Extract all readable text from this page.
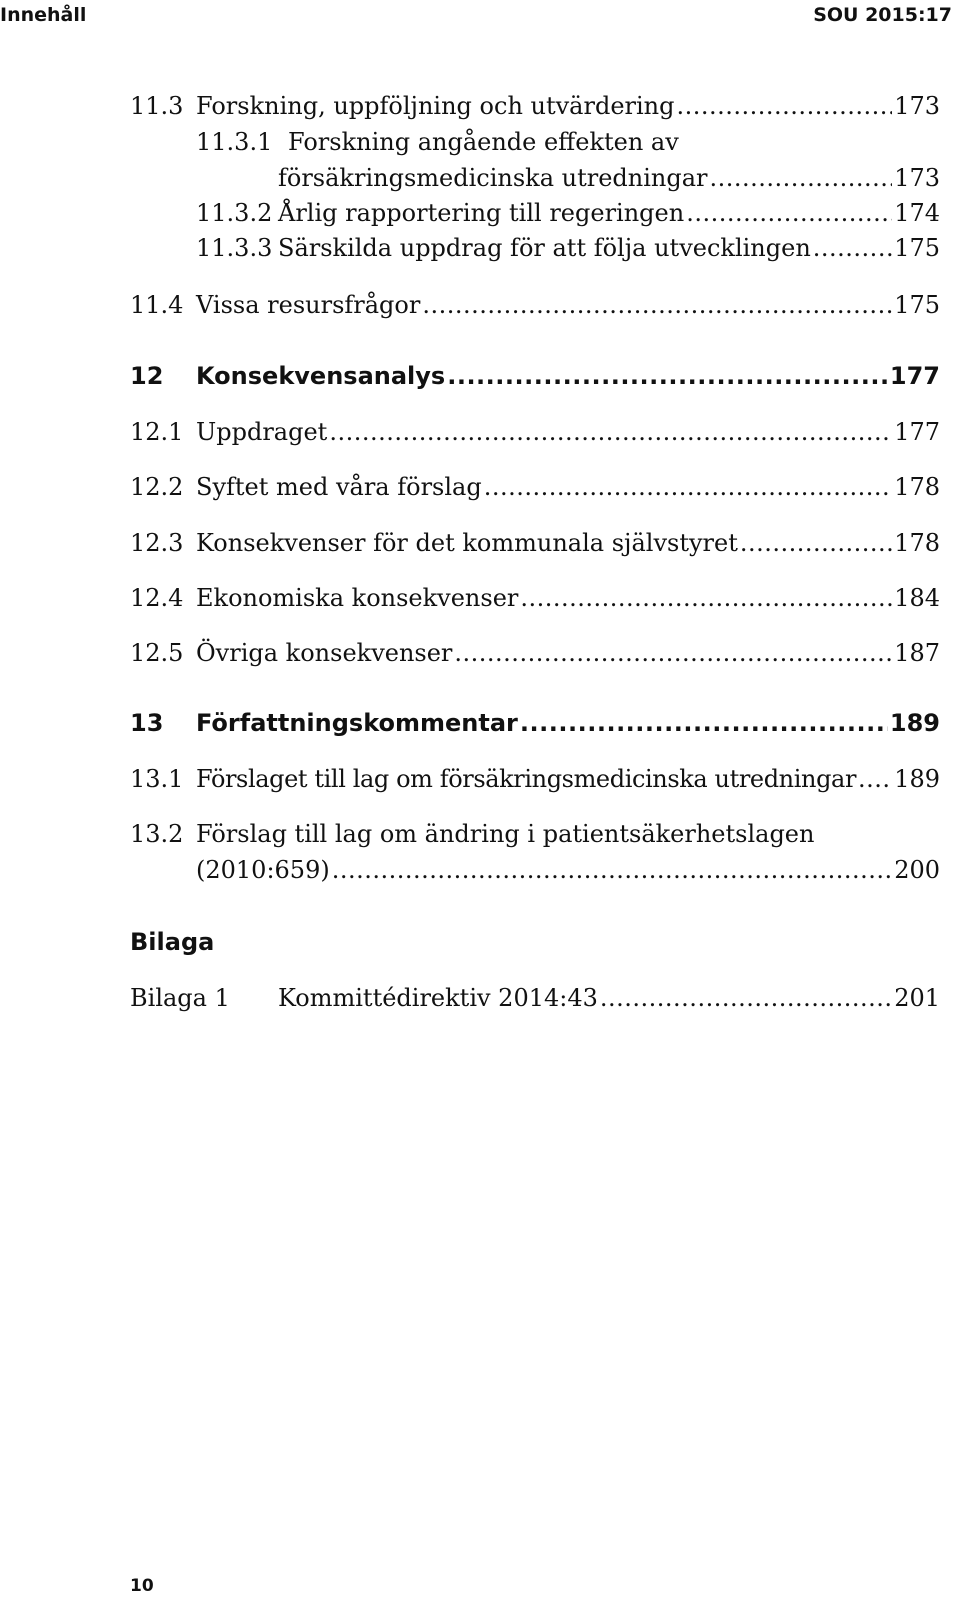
Innehåll	SOU 2015:17
11.3 Forskning, uppföljning och utvärdering .....	173
11.3.1 Forskning angående effekten av
försäkringsmedicinska utredningar .....	173
11.3.2 Årlig rapportering till regeringen .....	174
11.3.3 Särskilda uppdrag för att följa utvecklingen .....	175
11.4 Vissa resursfrågor .....	175
12	Konsekvensanalys .....	177
12.1 Uppdraget .....	177
12.2 Syftet med våra förslag .....	178
12.3 Konsekvenser för det kommunala självstyret .....	178
12.4 Ekonomiska konsekvenser .....	184
12.5 Övriga konsekvenser .....	187
13	Författningskommentar .....	189
13.1 Förslaget till lag om försäkringsmedicinska utredningar ..... 189
13.2 Förslag till lag om ändring i patientsäkerhetslagen
(2010:659) .....	200
Bilaga
Bilaga 1	Kommittédirektiv 2014:43 .....	201
10
